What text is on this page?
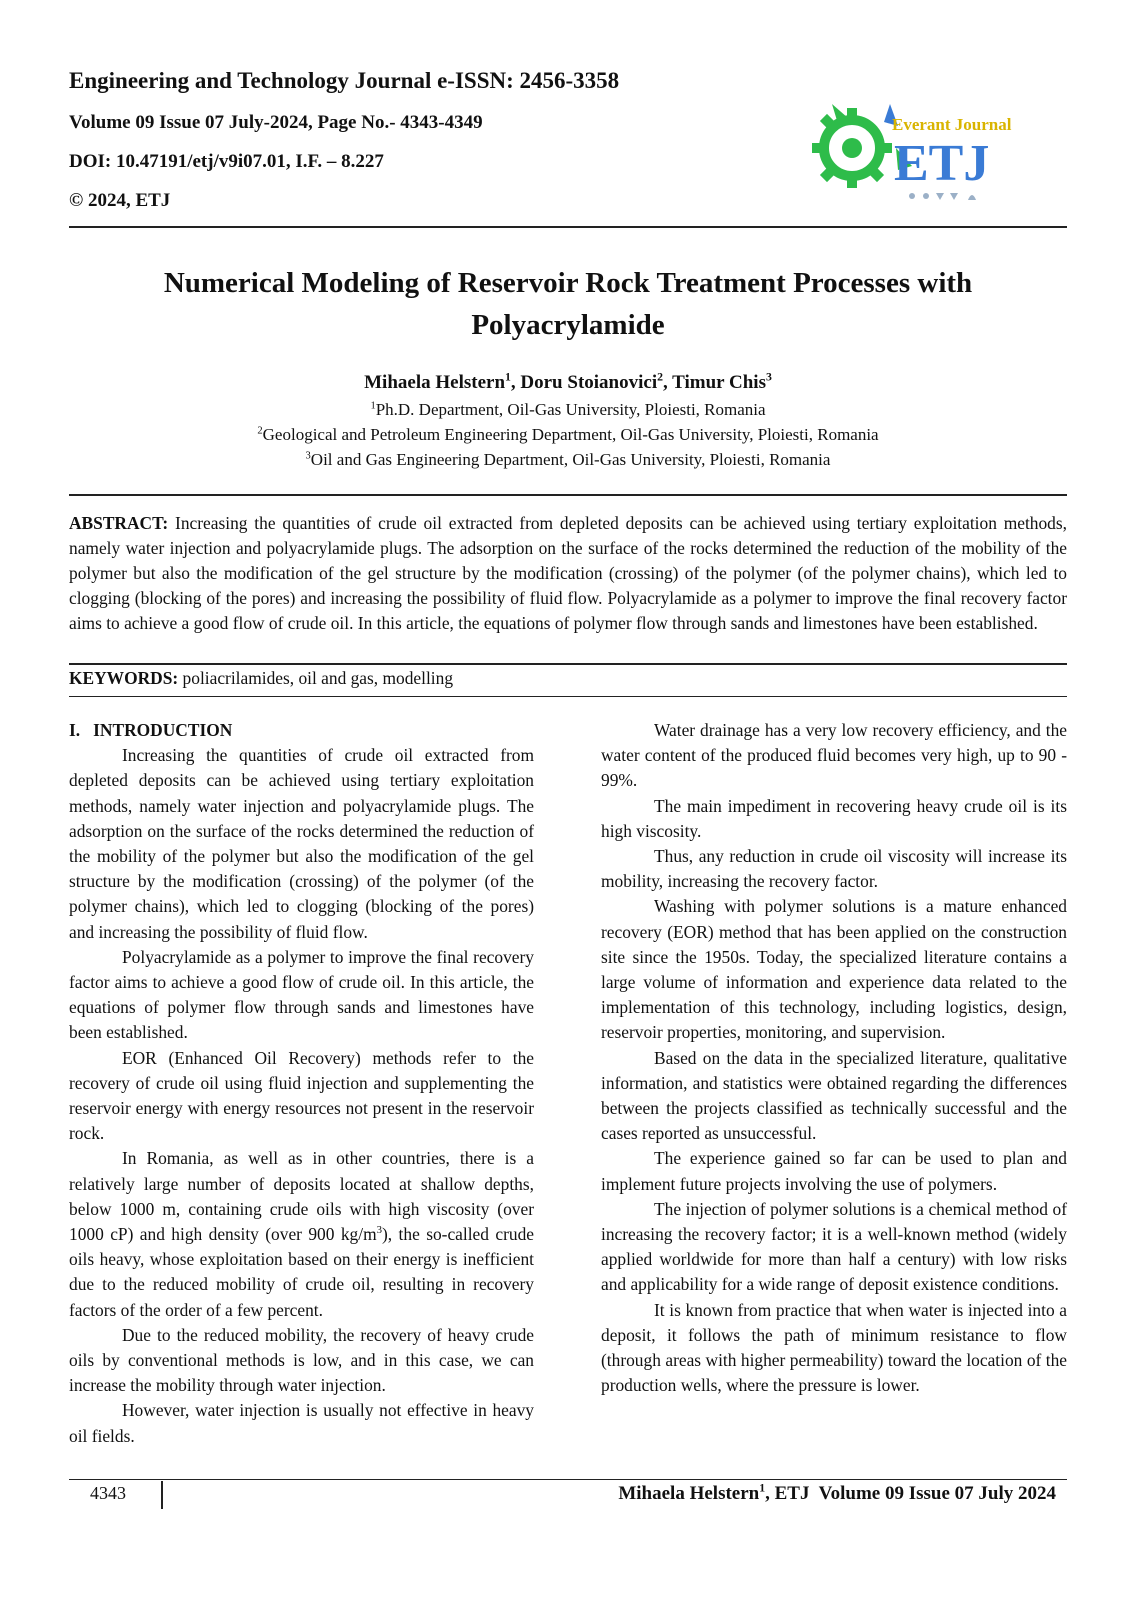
Engineering and Technology Journal e-ISSN: 2456-3358
Volume 09 Issue 07 July-2024, Page No.- 4343-4349
DOI: 10.47191/etj/v9i07.01, I.F. – 8.227
© 2024, ETJ
Everant Journal
ETJ
Numerical Modeling of Reservoir Rock Treatment Processes with
Polyacrylamide
Mihaela Helstern$^1$, Doru Stoianovici$^2$, Timur Chis$^3$
$^1$Ph.D. Department, Oil-Gas University, Ploiesti, Romania
$^2$Geological and Petroleum Engineering Department, Oil-Gas University, Ploiesti, Romania
$^3$Oil and Gas Engineering Department, Oil-Gas University, Ploiesti, Romania

ABSTRACT: Increasing the quantities of crude oil extracted from depleted deposits can be achieved using tertiary exploitation methods, namely water injection and polyacrylamide plugs. The adsorption on the surface of the rocks determined the reduction of the mobility of the polymer but also the modification of the gel structure by the modification (crossing) of the polymer (of the polymer chains), which led to clogging (blocking of the pores) and increasing the possibility of fluid flow. Polyacrylamide as a polymer to improve the final recovery factor aims to achieve a good flow of crude oil. In this article, the equations of polymer flow through sands and limestones have been established.

KEYWORDS: poliacrilamides, oil and gas, modelling

I.   INTRODUCTION

Increasing the quantities of crude oil extracted from depleted deposits can be achieved using tertiary exploitation methods, namely water injection and polyacrylamide plugs. The adsorption on the surface of the rocks determined the reduction of the mobility of the polymer but also the modification of the gel structure by the modification (crossing) of the polymer (of the polymer chains), which led to clogging (blocking of the pores) and increasing the possibility of fluid flow.

Polyacrylamide as a polymer to improve the final recovery factor aims to achieve a good flow of crude oil. In this article, the equations of polymer flow through sands and limestones have been established.

EOR (Enhanced Oil Recovery) methods refer to the recovery of crude oil using fluid injection and supplementing the reservoir energy with energy resources not present in the reservoir rock.

In Romania, as well as in other countries, there is a relatively large number of deposits located at shallow depths, below 1000 m, containing crude oils with high viscosity (over 1000 cP) and high density (over 900 $kg/m^3$), the so-called crude oils heavy, whose exploitation based on their energy is inefficient due to the reduced mobility of crude oil, resulting in recovery factors of the order of a few percent.

Due to the reduced mobility, the recovery of heavy crude oils by conventional methods is low, and in this case, we can increase the mobility through water injection.

However, water injection is usually not effective in heavy oil fields.

Water drainage has a very low recovery efficiency, and the water content of the produced fluid becomes very high, up to 90 - 99%.

The main impediment in recovering heavy crude oil is its high viscosity.

Thus, any reduction in crude oil viscosity will increase its mobility, increasing the recovery factor.

Washing with polymer solutions is a mature enhanced recovery (EOR) method that has been applied on the construction site since the 1950s. Today, the specialized literature contains a large volume of information and experience data related to the implementation of this technology, including logistics, design, reservoir properties, monitoring, and supervision.

Based on the data in the specialized literature, qualitative information, and statistics were obtained regarding the differences between the projects classified as technically successful and the cases reported as unsuccessful.

The experience gained so far can be used to plan and implement future projects involving the use of polymers.

The injection of polymer solutions is a chemical method of increasing the recovery factor; it is a well-known method (widely applied worldwide for more than half a century) with low risks and applicability for a wide range of deposit existence conditions.

It is known from practice that when water is injected into a deposit, it follows the path of minimum resistance to flow (through areas with higher permeability) toward the location of the production wells, where the pressure is lower.

4343	Mihaela Helstern$^1$, ETJ  Volume 09 Issue 07 July 2024
